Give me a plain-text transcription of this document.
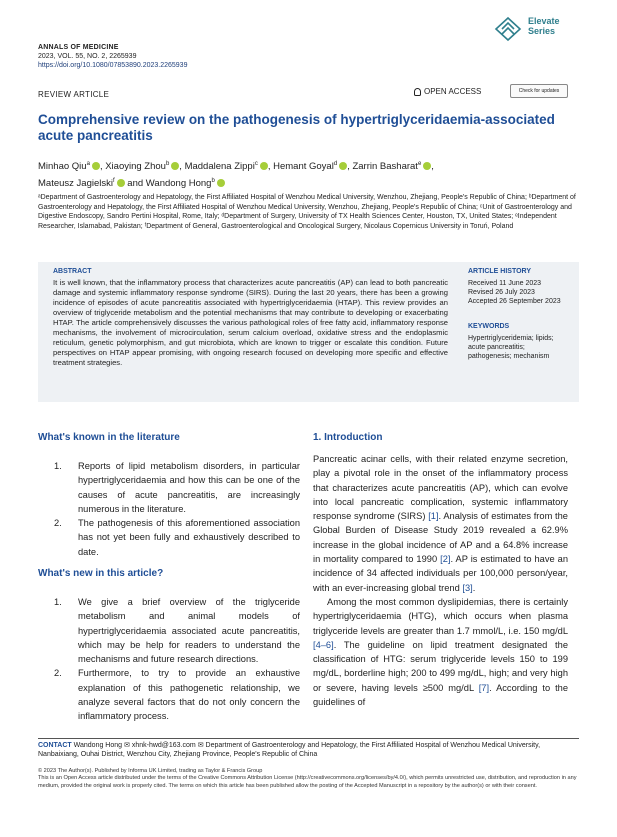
ANNALS OF MEDICINE
2023, VOL. 55, NO. 2, 2265939
https://doi.org/10.1080/07853890.2023.2265939
Elevate
Series
REVIEW ARTICLE	OPEN ACCESS	Check for updates
Comprehensive review on the pathogenesis of hypertriglyceridaemia-associated acute pancreatitis
Minhao Qiu$^a$ , Xiaoying Zhou$^b$ , Maddalena Zippi$^c$ , Hemant Goyal$^d$ , Zarrin Basharat$^e$ ,
Mateusz Jagielski$^f$ and Wandong Hong$^b$
ᵃDepartment of Gastroenterology and Hepatology, the First Affiliated Hospital of Wenzhou Medical University, Wenzhou, Zhejiang, People's Republic of China; ᵇDepartment of Gastroenterology and Hepatology, the First Affiliated Hospital of Wenzhou Medical University, Wenzhou, Zhejiang, People's Republic of China; ᶜUnit of Gastroenterology and Digestive Endoscopy, Sandro Pertini Hospital, Rome, Italy; ᵈDepartment of Surgery, University of TX Health Sciences Center, Houston, TX, United States; ᵉIndependent Researcher, Islamabad, Pakistan; ᶠDepartment of General, Gastroenterological and Oncological Surgery, Nicolaus Copernicus University in Toruń, Poland
ABSTRACT
It is well known, that the inflammatory process that characterizes acute pancreatitis (AP) can lead to both pancreatic damage and systemic inflammatory response syndrome (SIRS). During the last 20 years, there has been a growing incidence of episodes of acute pancreatitis associated with hypertriglyceridaemia (HTAP). This review provides an overview of triglyceride metabolism and the potential mechanisms that may contribute to developing or exacerbating HTAP. The article comprehensively discusses the various pathological roles of free fatty acid, inflammatory response mechanisms, the involvement of microcirculation, serum calcium overload, oxidative stress and the endoplasmic reticulum, genetic polymorphism, and gut microbiota, which are known to trigger or escalate this condition. Future perspectives on HTAP appear promising, with ongoing research focused on developing more specific and effective treatment strategies.
ARTICLE HISTORY
Received 11 June 2023
Revised 26 July 2023
Accepted 26 September 2023
KEYWORDS
Hypertriglyceridemia; lipids; acute pancreatitis; pathogenesis; mechanism
What's known in the literature
1. Reports of lipid metabolism disorders, in particular hypertriglyceridaemia and how this can be one of the causes of acute pancreatitis, are increasingly numerous in the literature.
2. The pathogenesis of this aforementioned association has not yet been fully and exhaustively described to date.
What's new in this article?
1. We give a brief overview of the triglyceride metabolism and animal models of hypertriglyceridaemia associated acute pancreatitis, which may be help for readers to understand the mechanisms and future research directions.
2. Furthermore, to try to provide an exhaustive explanation of this pathogenetic relationship, we analyze several factors that do not only concern the inflammatory process.
1. Introduction

Pancreatic acinar cells, with their related enzyme secretion, play a pivotal role in the onset of the inflammatory process that characterizes acute pancreatitis (AP), which can evolve into local pancreatic complication, systemic inflammatory response syndrome (SIRS) [1]. Analysis of estimates from the Global Burden of Disease Study 2019 revealed a 62.9% increase in the global incidence of AP and a 64.8% increase in mortality compared to 1990 [2]. AP is estimated to have an incidence of 34 affected individuals per 100,000 person/year, with an ever-increasing global trend [3].

Among the most common dyslipidemias, there is certainly hypertriglyceridaemia (HTG), which occurs when plasma triglyceride levels are greater than 1.7 mmol/L, i.e. 150 mg/dL [4–6]. The guideline on lipid treatment designated the classification of HTG: serum triglyceride levels 150 to 199 mg/dL, borderline high; 200 to 499 mg/dL, high; and very high or severe, having levels ≥500 mg/dL [7]. According to the guidelines of

CONTACT Wandong Hong ✉ xhnk-hwd@163.com ✉ Department of Gastroenterology and Hepatology, the First Affiliated Hospital of Wenzhou Medical University, Nanbaixiang, Ouhai District, Wenzhou City, Zhejiang Province, People's Republic of China
© 2023 The Author(s). Published by Informa UK Limited, trading as Taylor & Francis Group
This is an Open Access article distributed under the terms of the Creative Commons Attribution License (http://creativecommons.org/licenses/by/4.0/), which permits unrestricted use, distribution, and reproduction in any medium, provided the original work is properly cited. The terms on which this article has been published allow the posting of the Accepted Manuscript in a repository by the author(s) or with their consent.
